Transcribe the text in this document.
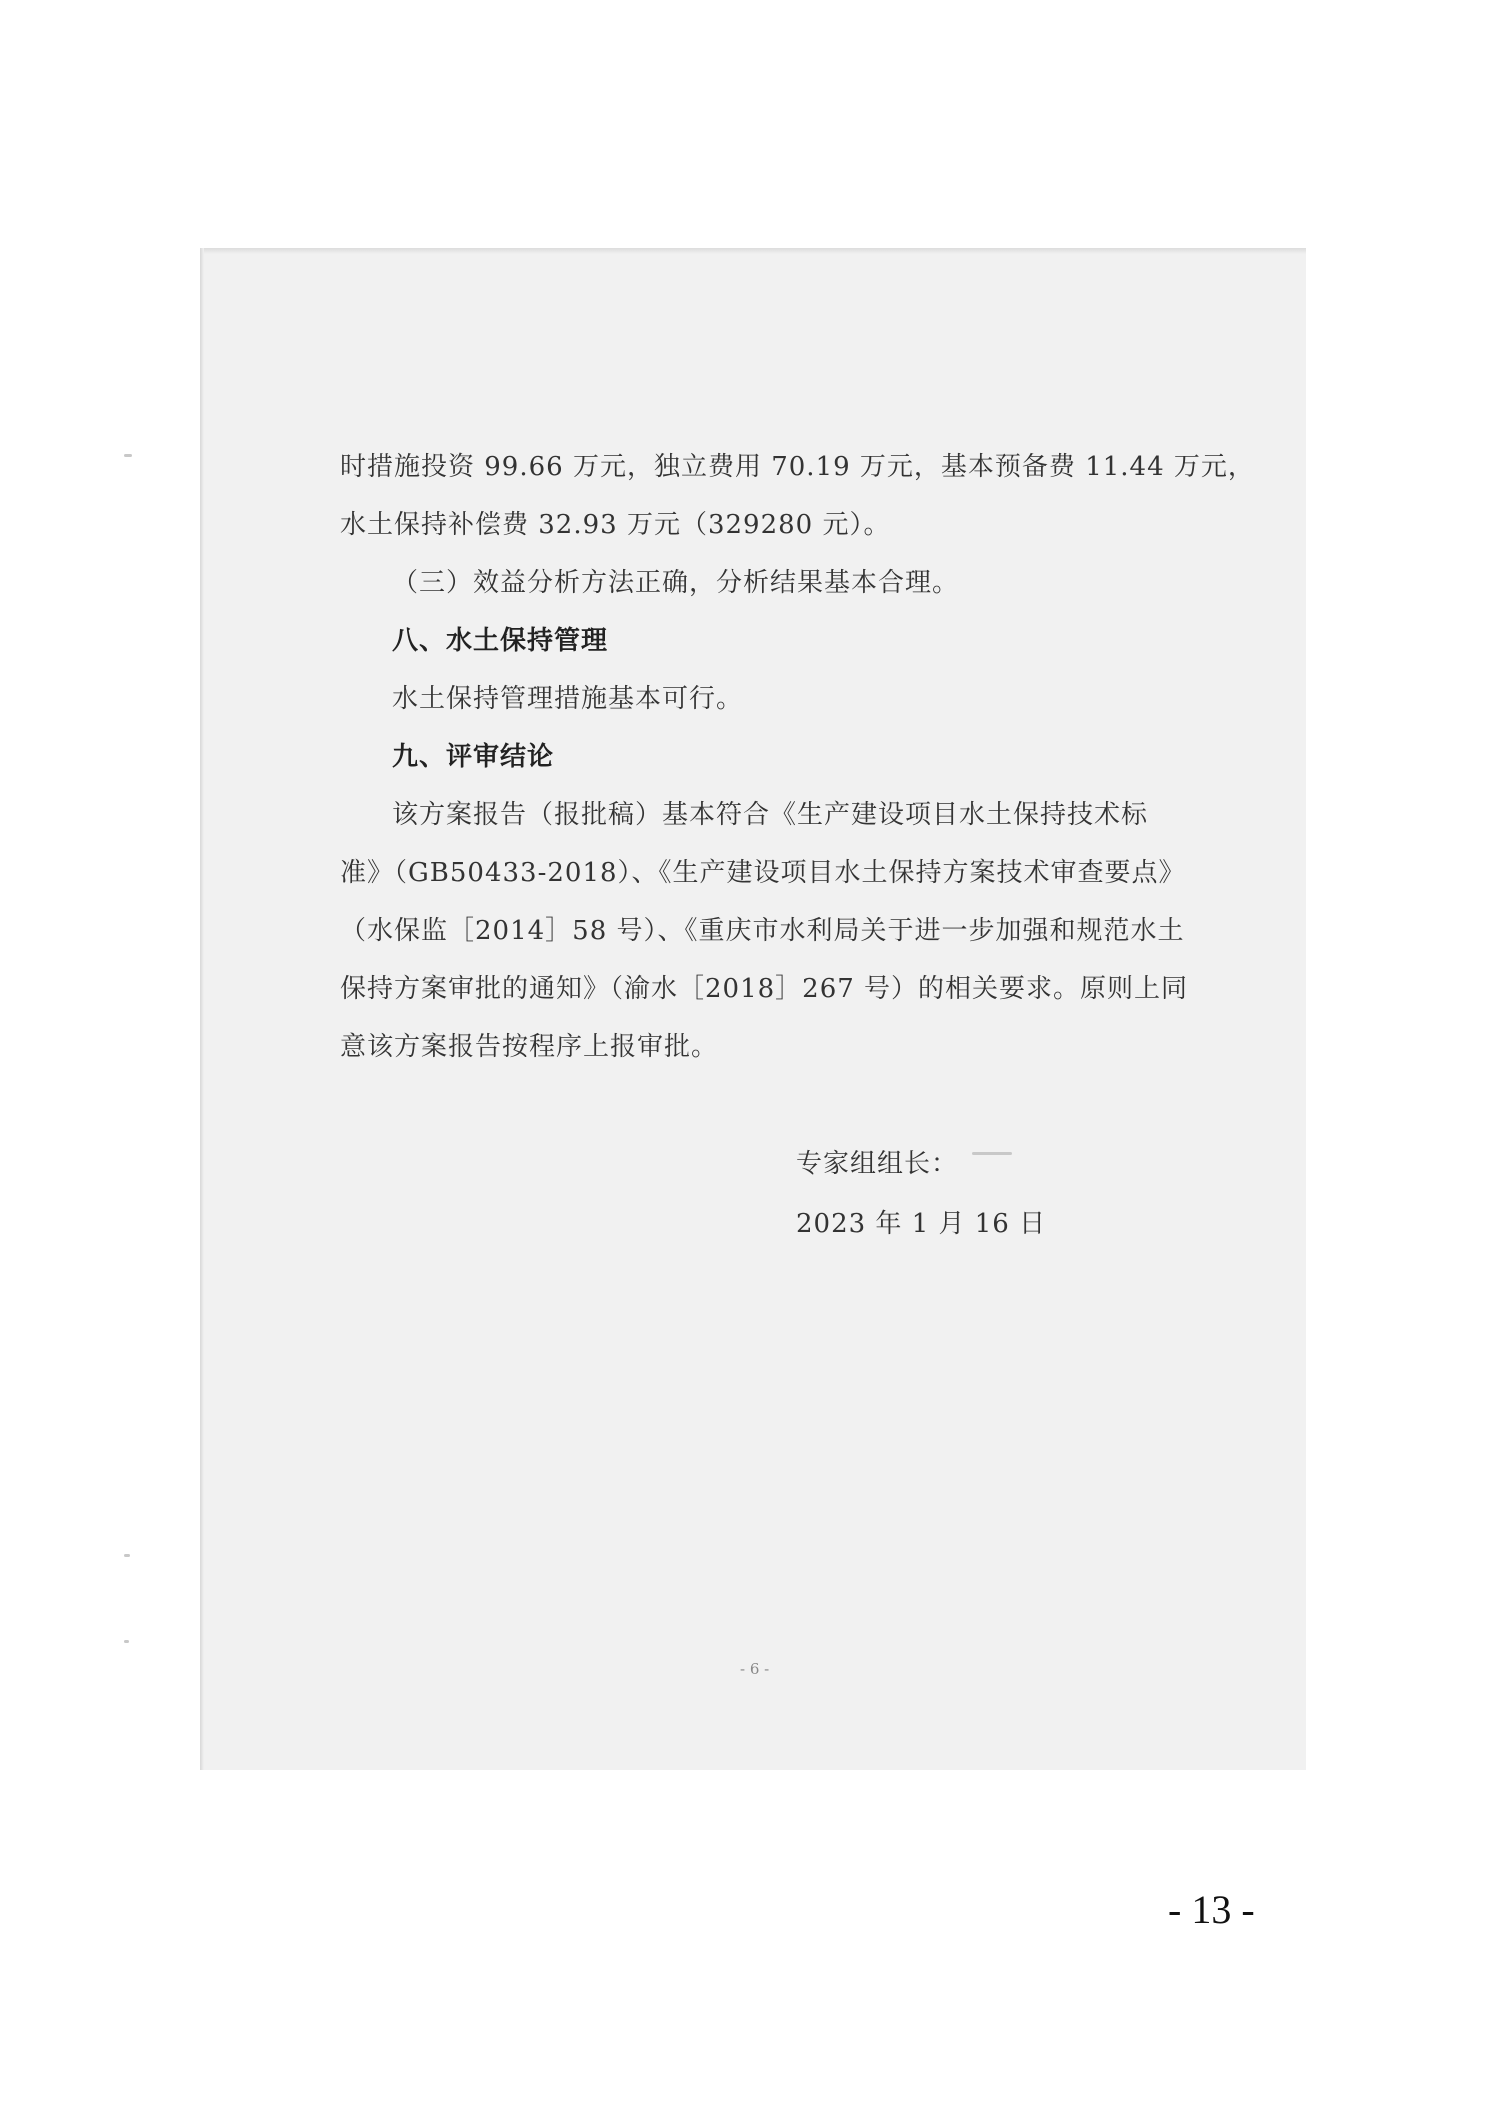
时措施投资 99.66 万元，独立费用 70.19 万元，基本预备费 11.44 万元，
水土保持补偿费 32.93 万元（329280 元）。
（三）效益分析方法正确，分析结果基本合理。
八、水土保持管理
水土保持管理措施基本可行。
九、评审结论
该方案报告（报批稿）基本符合《生产建设项目水土保持技术标
准》（GB50433-2018）、《生产建设项目水土保持方案技术审查要点》
（水保监［2014］58 号）、《重庆市水利局关于进一步加强和规范水土
保持方案审批的通知》（渝水［2018］267 号）的相关要求。原则上同
意该方案报告按程序上报审批。
专家组组长：
2023 年 1 月 16 日
- 6 -
- 13 -
